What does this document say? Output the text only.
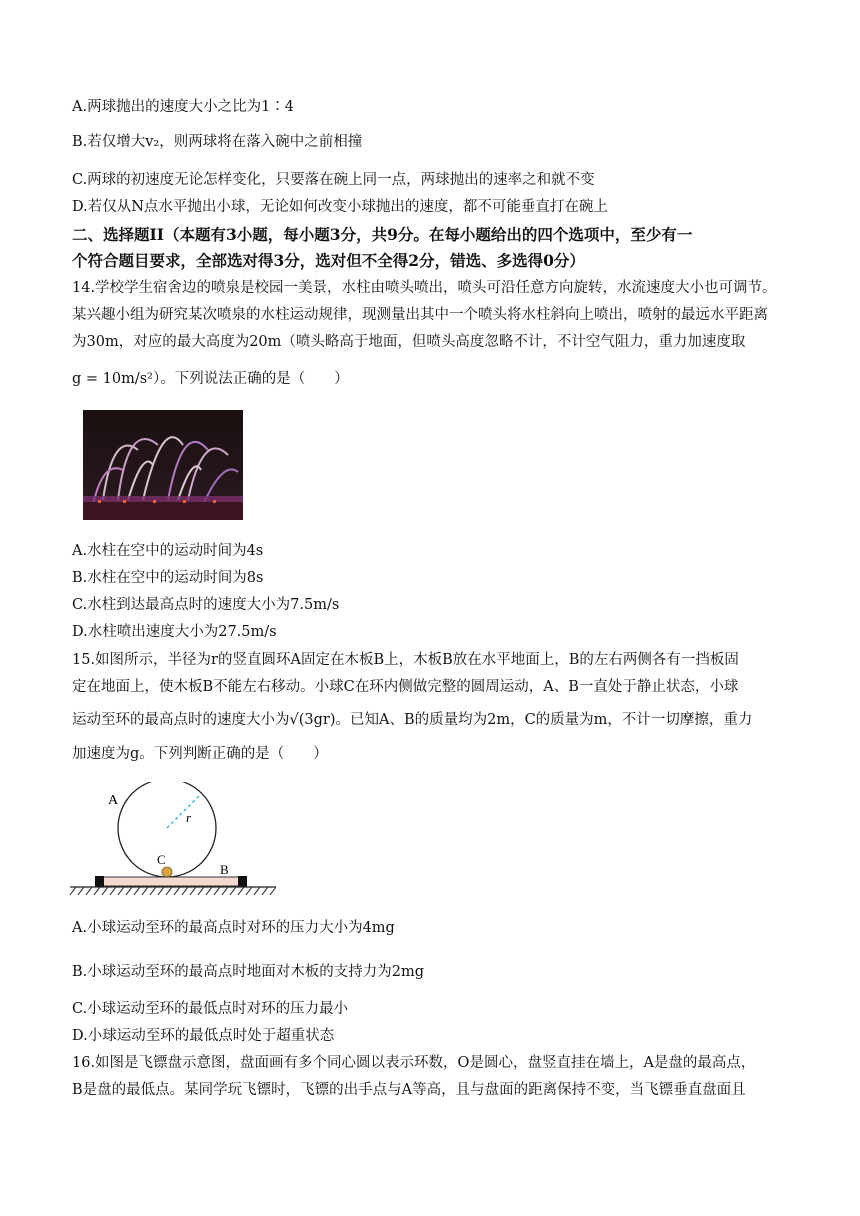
A.两球抛出的速度大小之比为1∶4
B.若仅增大v₂，则两球将在落入碗中之前相撞
C.两球的初速度无论怎样变化，只要落在碗上同一点，两球抛出的速率之和就不变
D.若仅从N点水平抛出小球，无论如何改变小球抛出的速度，都不可能垂直打在碗上
二、选择题II（本题有3小题，每小题3分，共9分。在每小题给出的四个选项中，至少有一
个符合题目要求，全部选对得3分，选对但不全得2分，错选、多选得0分）
14.学校学生宿舍边的喷泉是校园一美景，水柱由喷头喷出，喷头可沿任意方向旋转，水流速度大小也可调节。
某兴趣小组为研究某次喷泉的水柱运动规律，现测量出其中一个喷头将水柱斜向上喷出，喷射的最远水平距离
为30m，对应的最大高度为20m（喷头略高于地面，但喷头高度忽略不计，不计空气阻力，重力加速度取
g = 10m/s²）。下列说法正确的是（　　）
A.水柱在空中的运动时间为4s
B.水柱在空中的运动时间为8s
C.水柱到达最高点时的速度大小为7.5m/s
D.水柱喷出速度大小为27.5m/s
15.如图所示，半径为r的竖直圆环A固定在木板B上，木板B放在水平地面上，B的左右两侧各有一挡板固
定在地面上，使木板B不能左右移动。小球C在环内侧做完整的圆周运动，A、B一直处于静止状态，小球
运动至环的最高点时的速度大小为√(3gr)。已知A、B的质量均为2m，C的质量为m，不计一切摩擦，重力
加速度为g。下列判断正确的是（　　）
r
A
C
B
A.小球运动至环的最高点时对环的压力大小为4mg
B.小球运动至环的最高点时地面对木板的支持力为2mg
C.小球运动至环的最低点时对环的压力最小
D.小球运动至环的最低点时处于超重状态
16.如图是飞镖盘示意图，盘面画有多个同心圆以表示环数，O是圆心，盘竖直挂在墙上，A是盘的最高点，
B是盘的最低点。某同学玩飞镖时，飞镖的出手点与A等高，且与盘面的距离保持不变，当飞镖垂直盘面且
